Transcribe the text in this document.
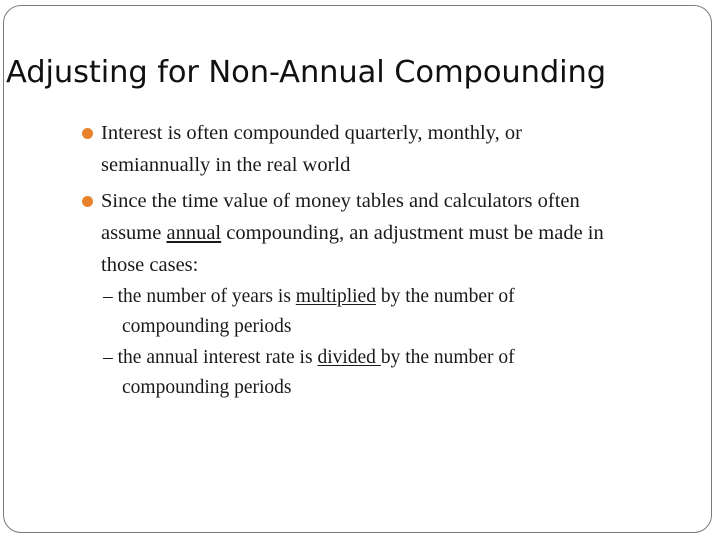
Adjusting for Non-Annual Compounding
Interest is often compounded quarterly, monthly, or
semiannually in the real world
Since the time value of money tables and calculators often
assume annual compounding, an adjustment must be made in
those cases:
– the number of years is multiplied by the number of
compounding periods
– the annual interest rate is divided by the number of
compounding periods
